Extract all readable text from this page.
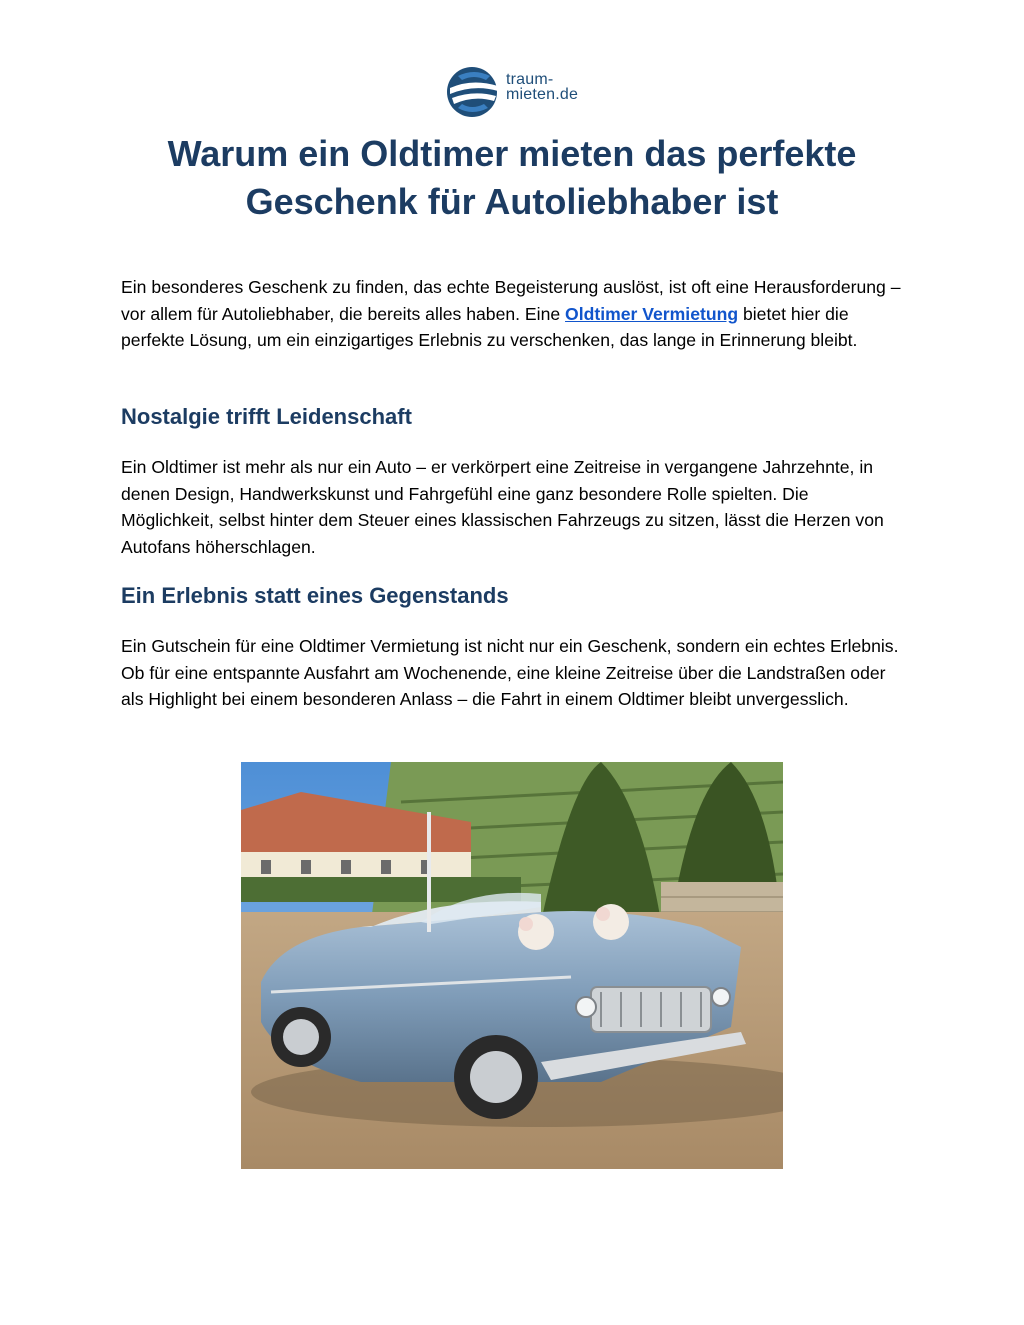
traum-
mieten.de
Warum ein Oldtimer mieten das perfekte
Geschenk für Autoliebhaber ist

Ein besonderes Geschenk zu finden, das echte Begeisterung auslöst, ist oft eine Herausforderung – vor allem für Autoliebhaber, die bereits alles haben. Eine Oldtimer Vermietung bietet hier die perfekte Lösung, um ein einzigartiges Erlebnis zu verschenken, das lange in Erinnerung bleibt.

Nostalgie trifft Leidenschaft

Ein Oldtimer ist mehr als nur ein Auto – er verkörpert eine Zeitreise in vergangene Jahrzehnte, in denen Design, Handwerkskunst und Fahrgefühl eine ganz besondere Rolle spielten. Die Möglichkeit, selbst hinter dem Steuer eines klassischen Fahrzeugs zu sitzen, lässt die Herzen von Autofans höherschlagen.

Ein Erlebnis statt eines Gegenstands

Ein Gutschein für eine Oldtimer Vermietung ist nicht nur ein Geschenk, sondern ein echtes Erlebnis. Ob für eine entspannte Ausfahrt am Wochenende, eine kleine Zeitreise über die Landstraßen oder als Highlight bei einem besonderen Anlass – die Fahrt in einem Oldtimer bleibt unvergesslich.
